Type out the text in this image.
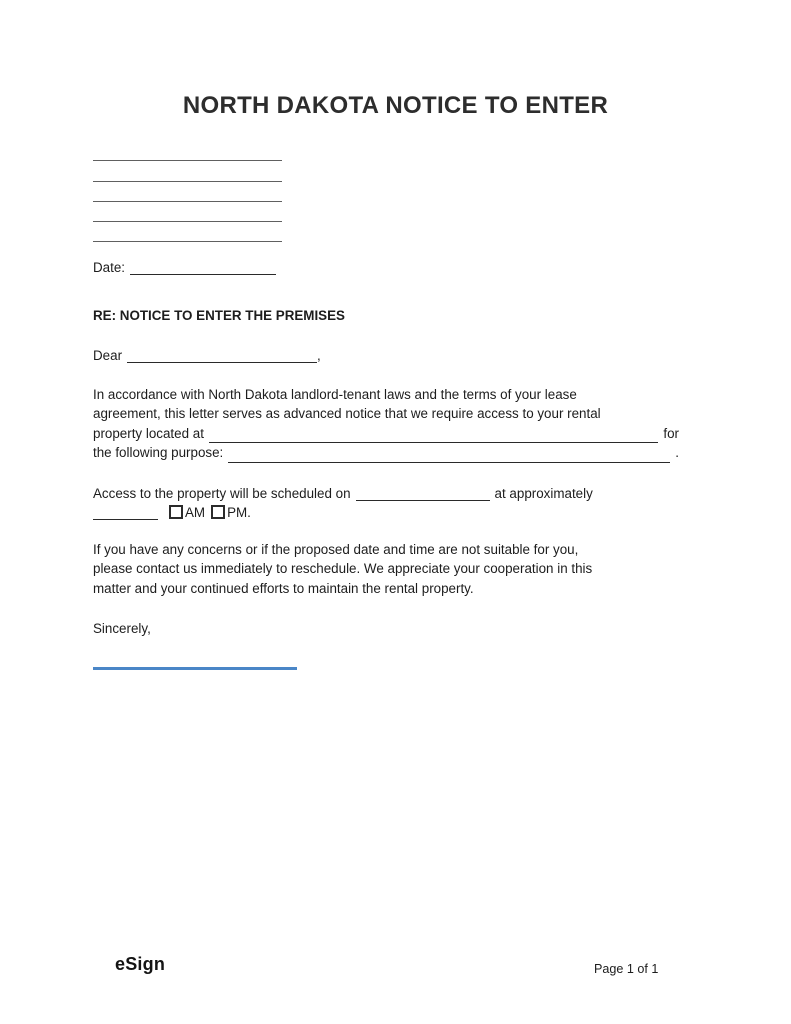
NORTH DAKOTA NOTICE TO ENTER
Date:
RE: NOTICE TO ENTER THE PREMISES
Dear	,
In accordance with North Dakota landlord-tenant laws and the terms of your lease
agreement, this letter serves as advanced notice that we require access to your rental
property located at	for
the following purpose:	.
Access to the property will be scheduled on	at approximately
AM PM.
If you have any concerns or if the proposed date and time are not suitable for you,
please contact us immediately to reschedule. We appreciate your cooperation in this
matter and your continued efforts to maintain the rental property.
Sincerely,
eSign	Page 1 of 1
